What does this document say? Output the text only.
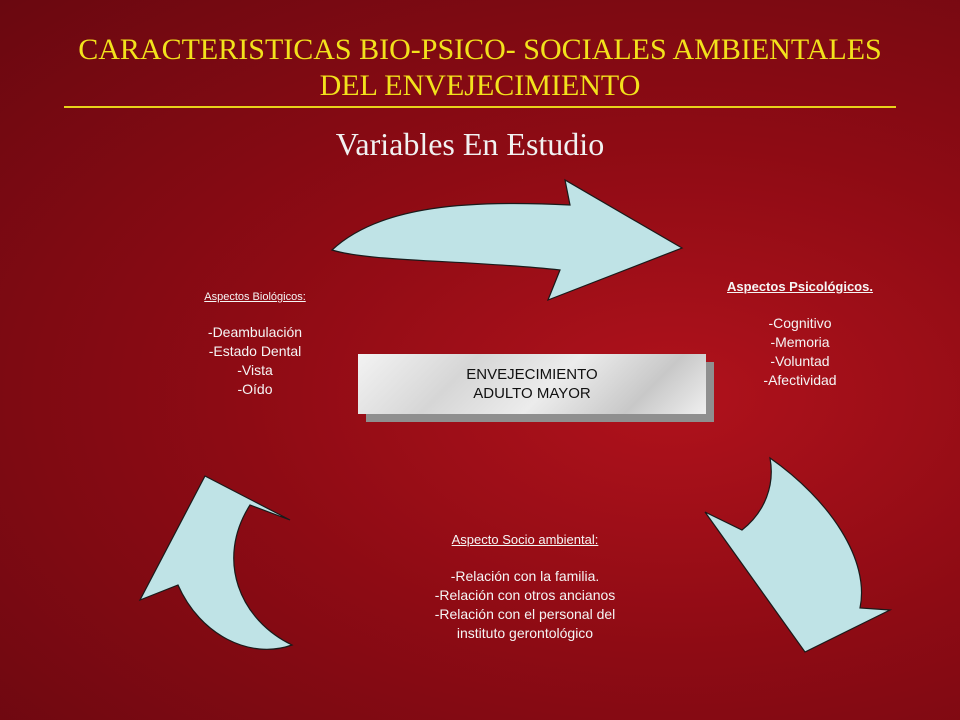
CARACTERISTICAS BIO-PSICO- SOCIALES AMBIENTALES
DEL ENVEJECIMIENTO
Variables En Estudio
ENVEJECIMIENTO
ADULTO MAYOR
Aspectos Biológicos:
-Deambulación
-Estado Dental
-Vista
-Oído
Aspectos Psicológicos.
-Cognitivo
-Memoria
-Voluntad
-Afectividad
Aspecto Socio ambiental:
-Relación con la familia.
-Relación con otros ancianos
-Relación con el personal del
instituto gerontológico
